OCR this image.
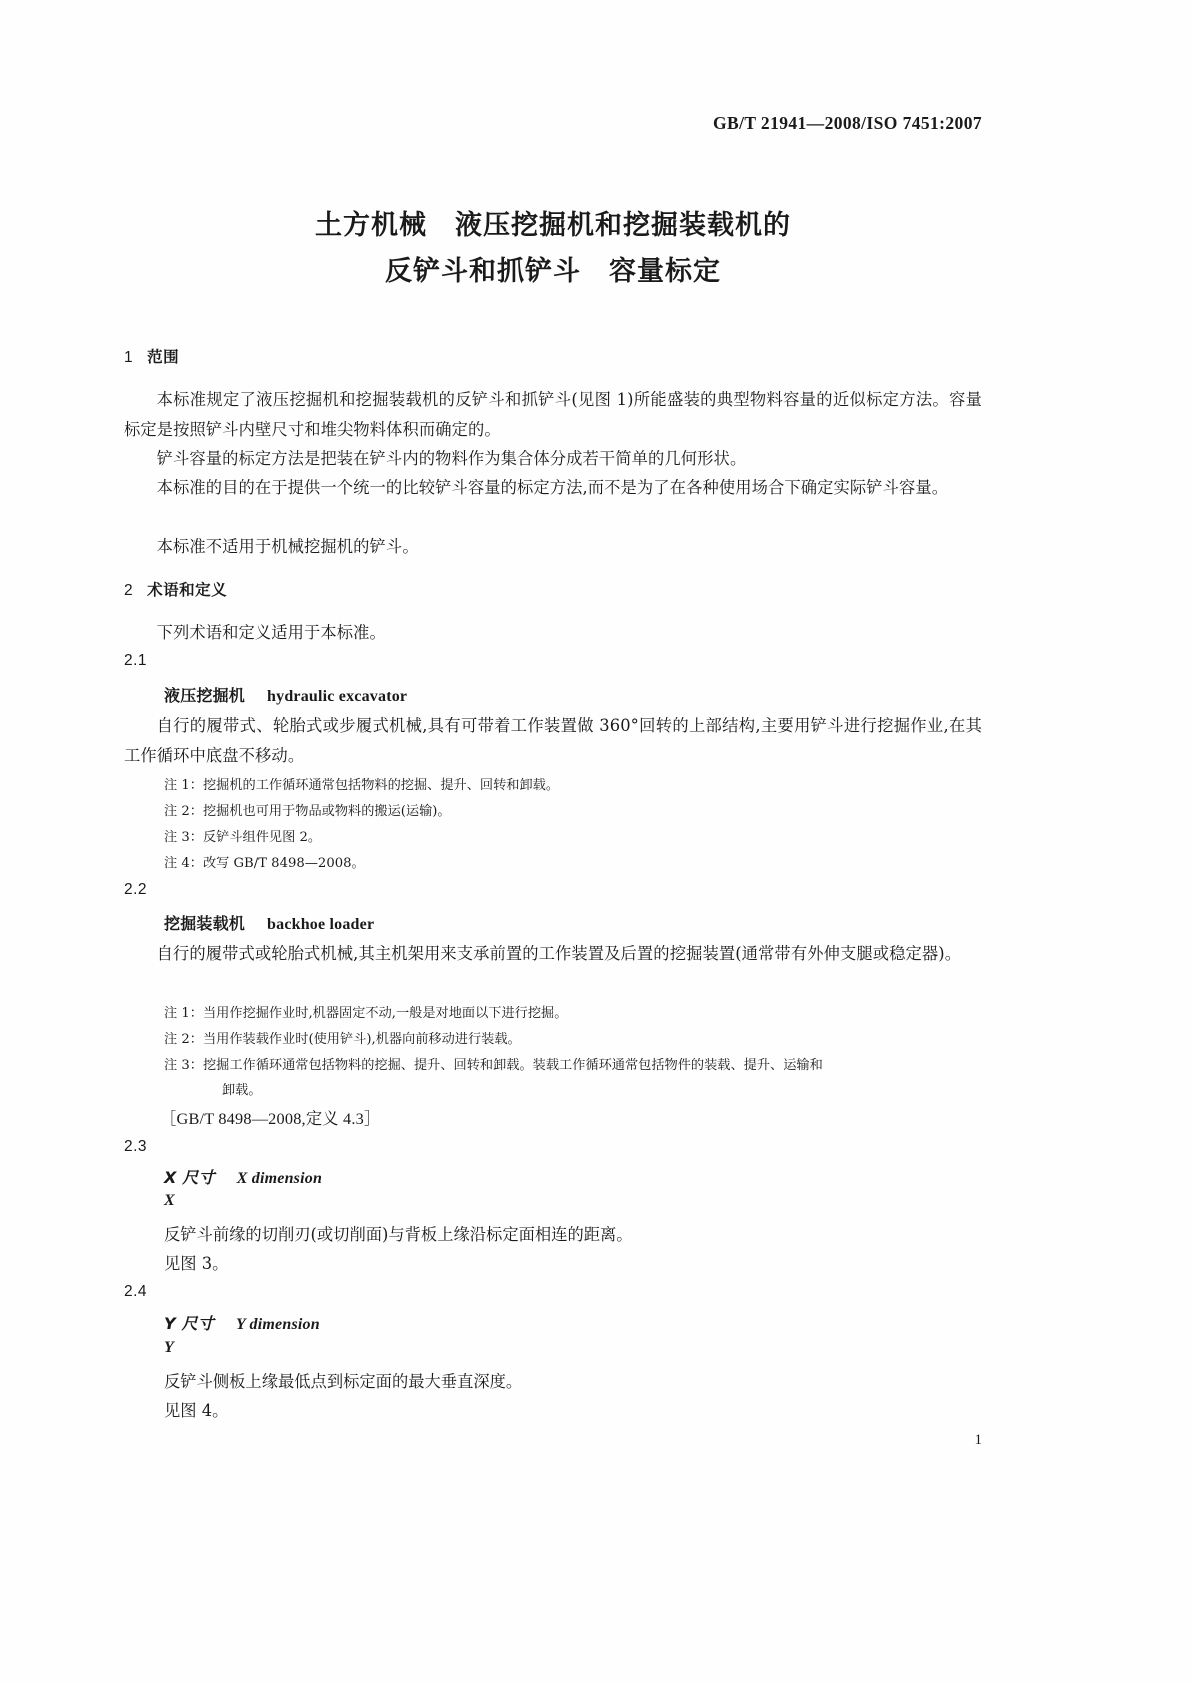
GB/T 21941—2008/ISO 7451:2007
土方机械　液压挖掘机和挖掘装载机的
反铲斗和抓铲斗　容量标定
1 范围
本标准规定了液压挖掘机和挖掘装载机的反铲斗和抓铲斗(见图 1)所能盛装的典型物料容量的近似标定方法。容量标定是按照铲斗内壁尺寸和堆尖物料体积而确定的。
铲斗容量的标定方法是把装在铲斗内的物料作为集合体分成若干简单的几何形状。
本标准的目的在于提供一个统一的比较铲斗容量的标定方法,而不是为了在各种使用场合下确定实际铲斗容量。
本标准不适用于机械挖掘机的铲斗。
2 术语和定义
下列术语和定义适用于本标准。
2.1
液压挖掘机 hydraulic excavator
自行的履带式、轮胎式或步履式机械,具有可带着工作装置做 360°回转的上部结构,主要用铲斗进行挖掘作业,在其工作循环中底盘不移动。
注 1：挖掘机的工作循环通常包括物料的挖掘、提升、回转和卸载。
注 2：挖掘机也可用于物品或物料的搬运(运输)。
注 3：反铲斗组件见图 2。
注 4：改写 GB/T 8498—2008。
2.2
挖掘装载机 backhoe loader
自行的履带式或轮胎式机械,其主机架用来支承前置的工作装置及后置的挖掘装置(通常带有外伸支腿或稳定器)。
注 1：当用作挖掘作业时,机器固定不动,一般是对地面以下进行挖掘。
注 2：当用作装载作业时(使用铲斗),机器向前移动进行装载。
注 3：挖掘工作循环通常包括物料的挖掘、提升、回转和卸载。装载工作循环通常包括物件的装载、提升、运输和
卸载。
［GB/T 8498—2008,定义 4.3］
2.3
X 尺寸 X dimension
X
反铲斗前缘的切削刃(或切削面)与背板上缘沿标定面相连的距离。
见图 3。
2.4
Y 尺寸 Y dimension
Y
反铲斗侧板上缘最低点到标定面的最大垂直深度。
见图 4。
1
